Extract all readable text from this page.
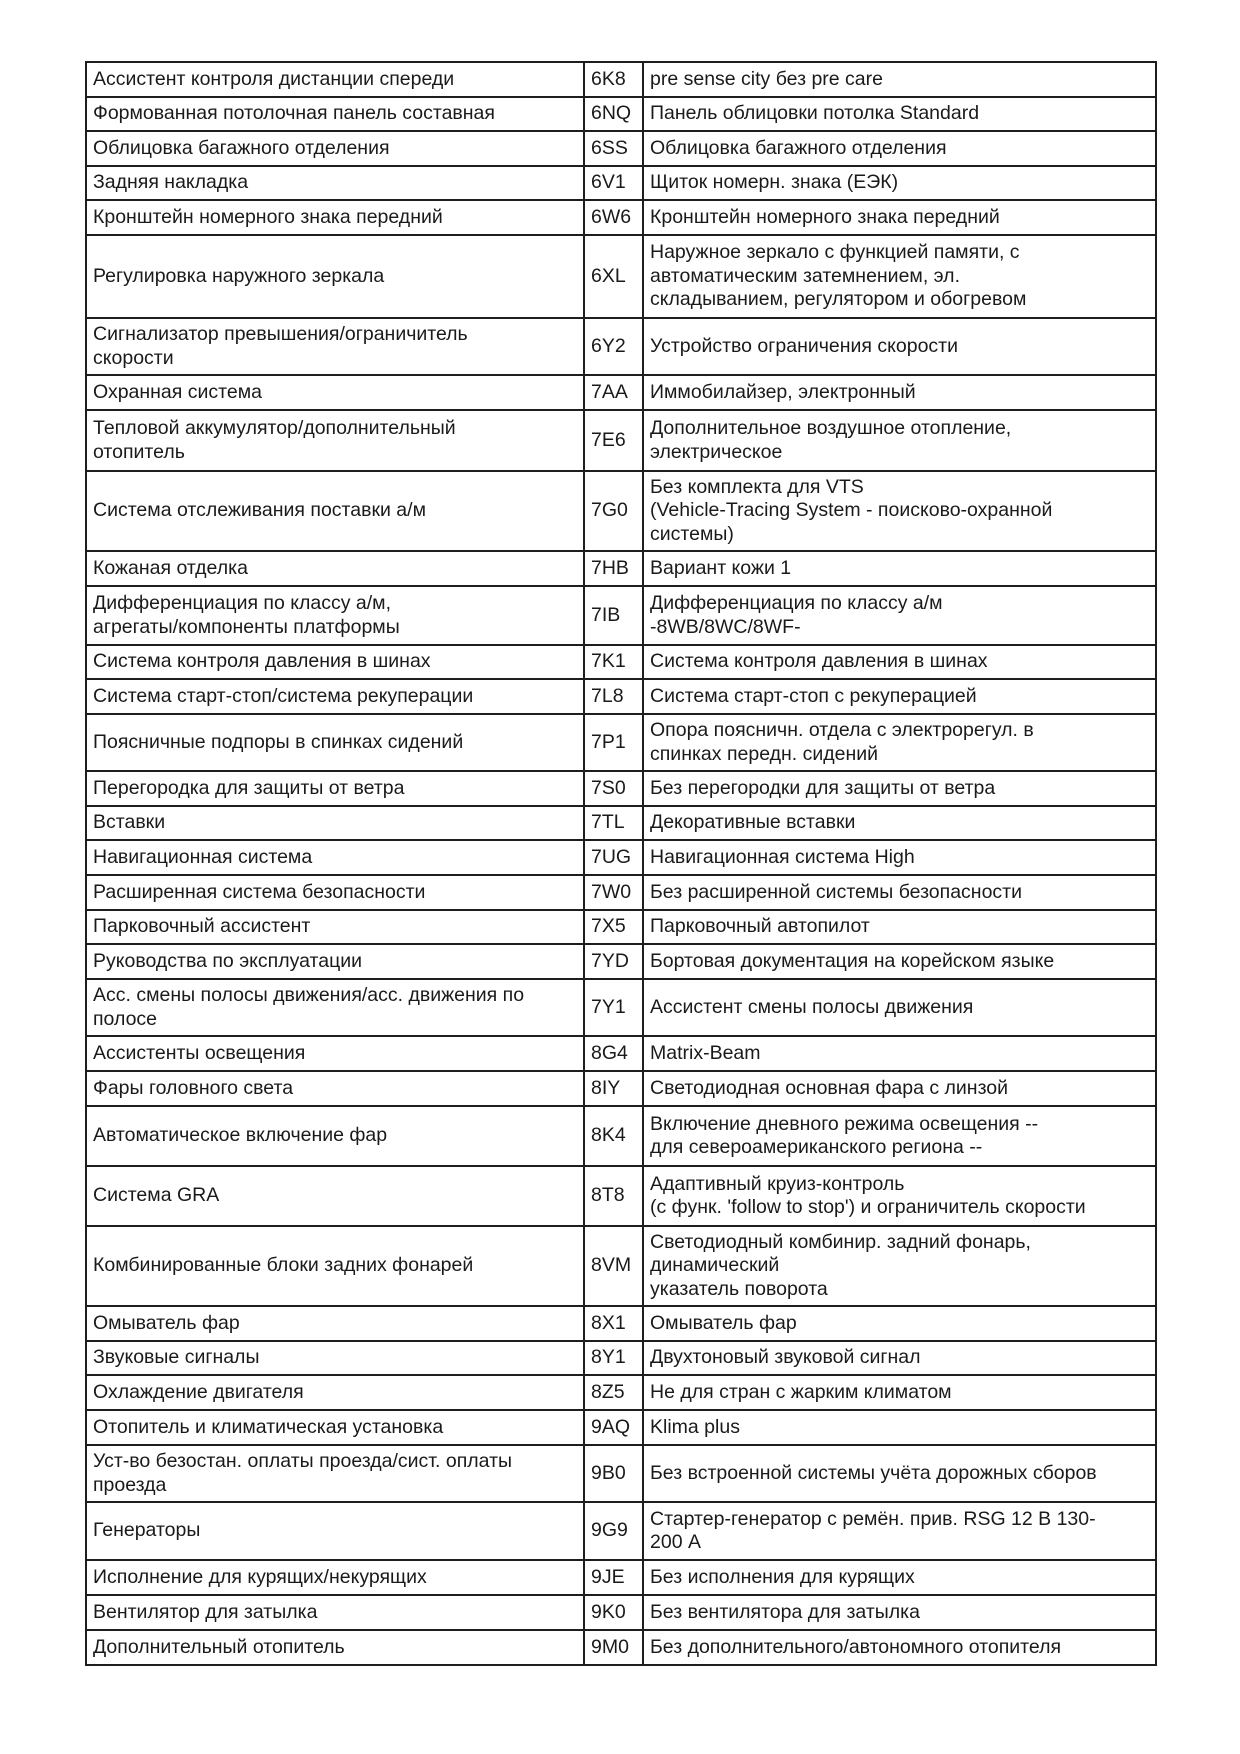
Ассистент контроля дистанции спереди	6K8	pre sense city без pre care

Формованная потолочная панель составная	6NQ	Панель облицовки потолка Standard

Облицовка багажного отделения	6SS	Облицовка багажного отделения

Задняя накладка	6V1	Щиток номерн. знака (ЕЭК)

Кронштейн номерного знака передний	6W6	Кронштейн номерного знака передний

Регулировка наружного зеркала	6XL	Наружное зеркало с функцией памяти, с
автоматическим затемнением, эл.
складыванием, регулятором и обогревом

Сигнализатор превышения/ограничитель
скорости	6Y2	Устройство ограничения скорости

Охранная система	7AA	Иммобилайзер, электронный

Тепловой аккумулятор/дополнительный
отопитель	7E6	Дополнительное воздушное отопление,
электрическое

Система отслеживания поставки а/м	7G0	Без комплекта для VTS
(Vehicle-Tracing System - поисково-охранной
системы)

Кожаная отделка	7HB	Вариант кожи 1

Дифференциация по классу а/м,
агрегаты/компоненты платформы	7IB	Дифференциация по классу а/м
-8WB/8WC/8WF-

Система контроля давления в шинах	7K1	Система контроля давления в шинах

Система старт-стоп/система рекуперации	7L8	Система старт-стоп с рекуперацией

Поясничные подпоры в спинках сидений	7P1	Опора поясничн. отдела с электрорегул. в
спинках передн. сидений

Перегородка для защиты от ветра	7S0	Без перегородки для защиты от ветра

Вставки	7TL	Декоративные вставки

Навигационная система	7UG	Навигационная система High

Расширенная система безопасности	7W0	Без расширенной системы безопасности

Парковочный ассистент	7X5	Парковочный автопилот

Руководства по эксплуатации	7YD	Бортовая документация на корейском языке

Асс. смены полосы движения/асс. движения по
полосе	7Y1	Ассистент смены полосы движения

Ассистенты освещения	8G4	Matrix-Beam

Фары головного света	8IY	Светодиодная основная фара с линзой

Автоматическое включение фар	8K4	Включение дневного режима освещения --
для североамериканского региона --

Система GRA	8T8	Адаптивный круиз-контроль
(с функ. 'follow to stop') и ограничитель скорости

Комбинированные блоки задних фонарей	8VM	Светодиодный комбинир. задний фонарь,
динамический
указатель поворота

Омыватель фар	8X1	Омыватель фар

Звуковые сигналы	8Y1	Двухтоновый звуковой сигнал

Охлаждение двигателя	8Z5	Не для стран с жарким климатом

Отопитель и климатическая установка	9AQ	Klima plus

Уст-во безостан. оплаты проезда/сист. оплаты
проезда	9B0	Без встроенной системы учёта дорожных сборов

Генераторы	9G9	Стартер-генератор с ремён. прив. RSG 12 В 130-
200 А

Исполнение для курящих/некурящих	9JE	Без исполнения для курящих

Вентилятор для затылка	9K0	Без вентилятора для затылка

Дополнительный отопитель	9M0	Без дополнительного/автономного отопителя
